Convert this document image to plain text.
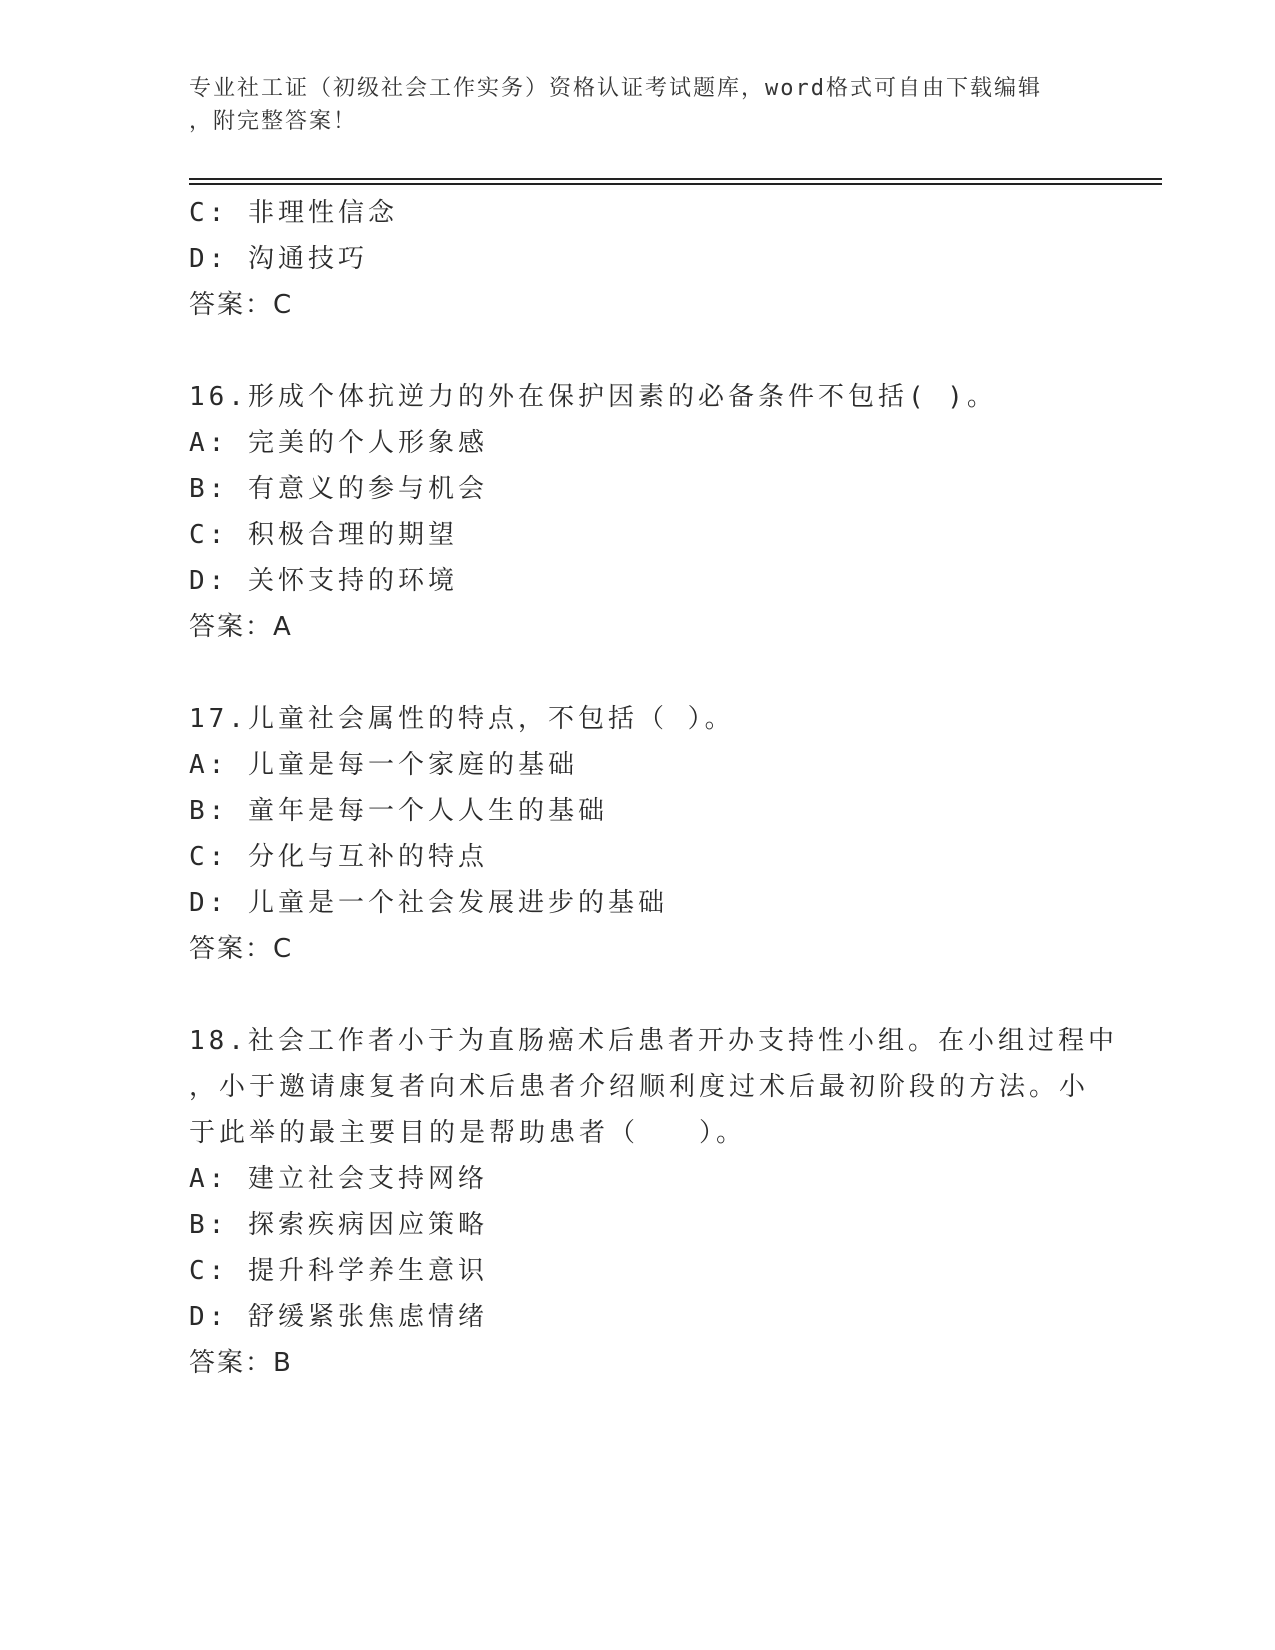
专业社工证（初级社会工作实务）资格认证考试题库，word格式可自由下载编辑
，附完整答案！
C: 非理性信念
D: 沟通技巧
答案：C
16.形成个体抗逆力的外在保护因素的必备条件不包括( )。
A: 完美的个人形象感
B: 有意义的参与机会
C: 积极合理的期望
D: 关怀支持的环境
答案：A
17.儿童社会属性的特点，不包括（ ）。
A: 儿童是每一个家庭的基础
B: 童年是每一个人人生的基础
C: 分化与互补的特点
D: 儿童是一个社会发展进步的基础
答案：C
18.社会工作者小于为直肠癌术后患者开办支持性小组。在小组过程中
，小于邀请康复者向术后患者介绍顺利度过术后最初阶段的方法。小
于此举的最主要目的是帮助患者（　　）。
A: 建立社会支持网络
B: 探索疾病因应策略
C: 提升科学养生意识
D: 舒缓紧张焦虑情绪
答案：B
